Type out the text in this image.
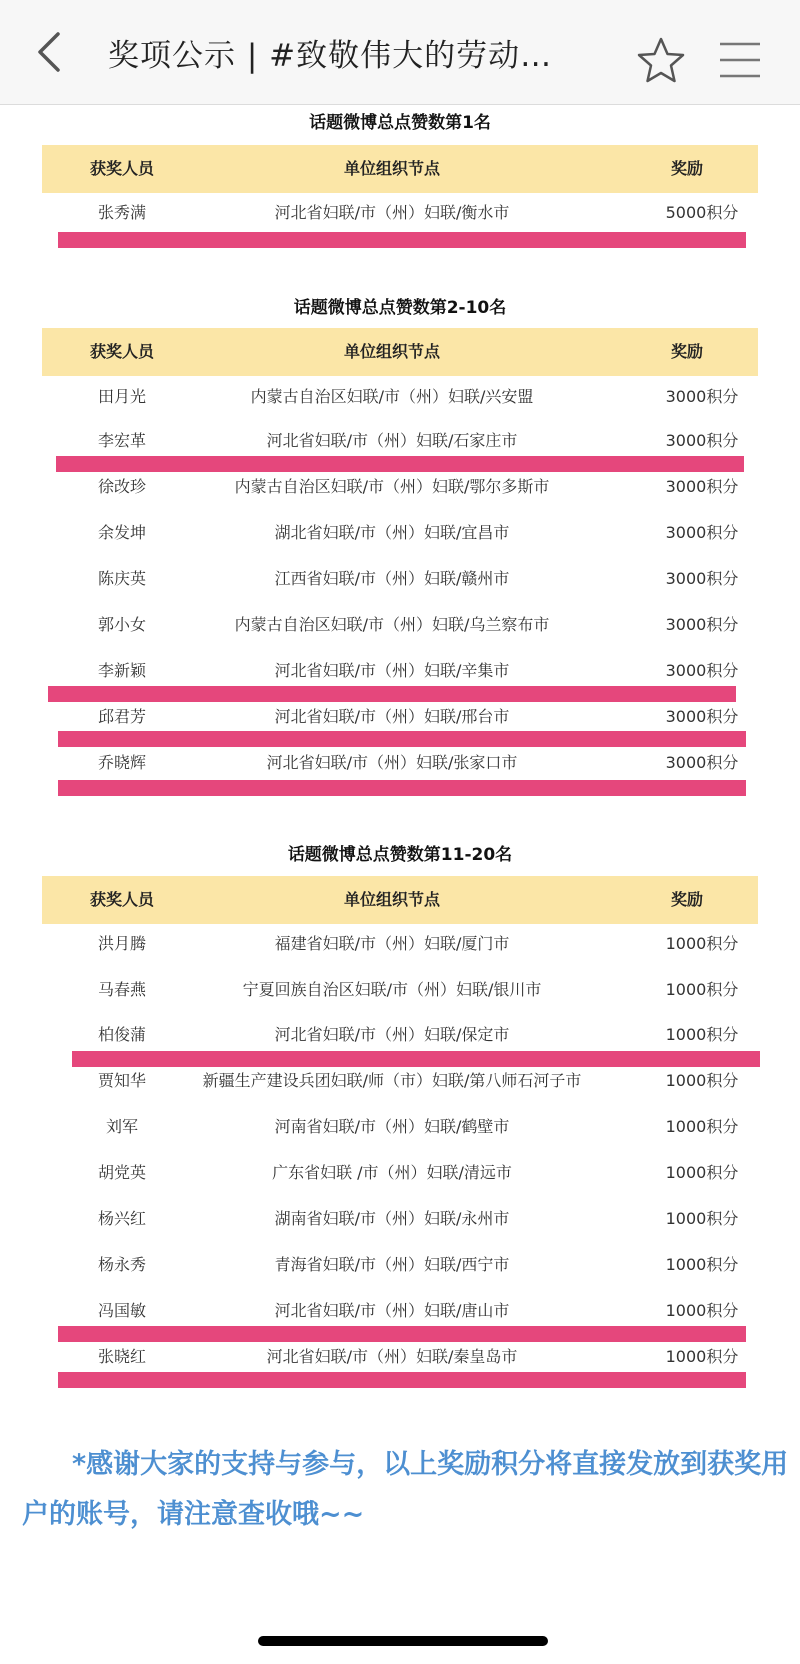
奖项公示 | #致敬伟大的劳动…
话题微博总点赞数第1名
获奖人员	单位组织节点	奖励
张秀满	河北省妇联/市（州）妇联/衡水市	5000积分
话题微博总点赞数第2-10名
获奖人员	单位组织节点	奖励
田月光	内蒙古自治区妇联/市（州）妇联/兴安盟	3000积分
李宏革	河北省妇联/市（州）妇联/石家庄市	3000积分
徐改珍	内蒙古自治区妇联/市（州）妇联/鄂尔多斯市	3000积分
余发坤	湖北省妇联/市（州）妇联/宜昌市	3000积分
陈庆英	江西省妇联/市（州）妇联/赣州市	3000积分
郭小女	内蒙古自治区妇联/市（州）妇联/乌兰察布市	3000积分
李新颖	河北省妇联/市（州）妇联/辛集市	3000积分
邱君芳	河北省妇联/市（州）妇联/邢台市	3000积分
乔晓辉	河北省妇联/市（州）妇联/张家口市	3000积分
话题微博总点赞数第11-20名
获奖人员	单位组织节点	奖励
洪月腾	福建省妇联/市（州）妇联/厦门市	1000积分
马春燕	宁夏回族自治区妇联/市（州）妇联/银川市	1000积分
柏俊蒲	河北省妇联/市（州）妇联/保定市	1000积分
贾知华	新疆生产建设兵团妇联/师（市）妇联/第八师石河子市	1000积分
刘军	河南省妇联/市（州）妇联/鹤壁市	1000积分
胡党英	广东省妇联 /市（州）妇联/清远市	1000积分
杨兴红	湖南省妇联/市（州）妇联/永州市	1000积分
杨永秀	青海省妇联/市（州）妇联/西宁市	1000积分
冯国敏	河北省妇联/市（州）妇联/唐山市	1000积分
张晓红	河北省妇联/市（州）妇联/秦皇岛市	1000积分
*感谢大家的支持与参与，以上奖励积分将直接发放到获奖用户的账号，请注意查收哦~~
